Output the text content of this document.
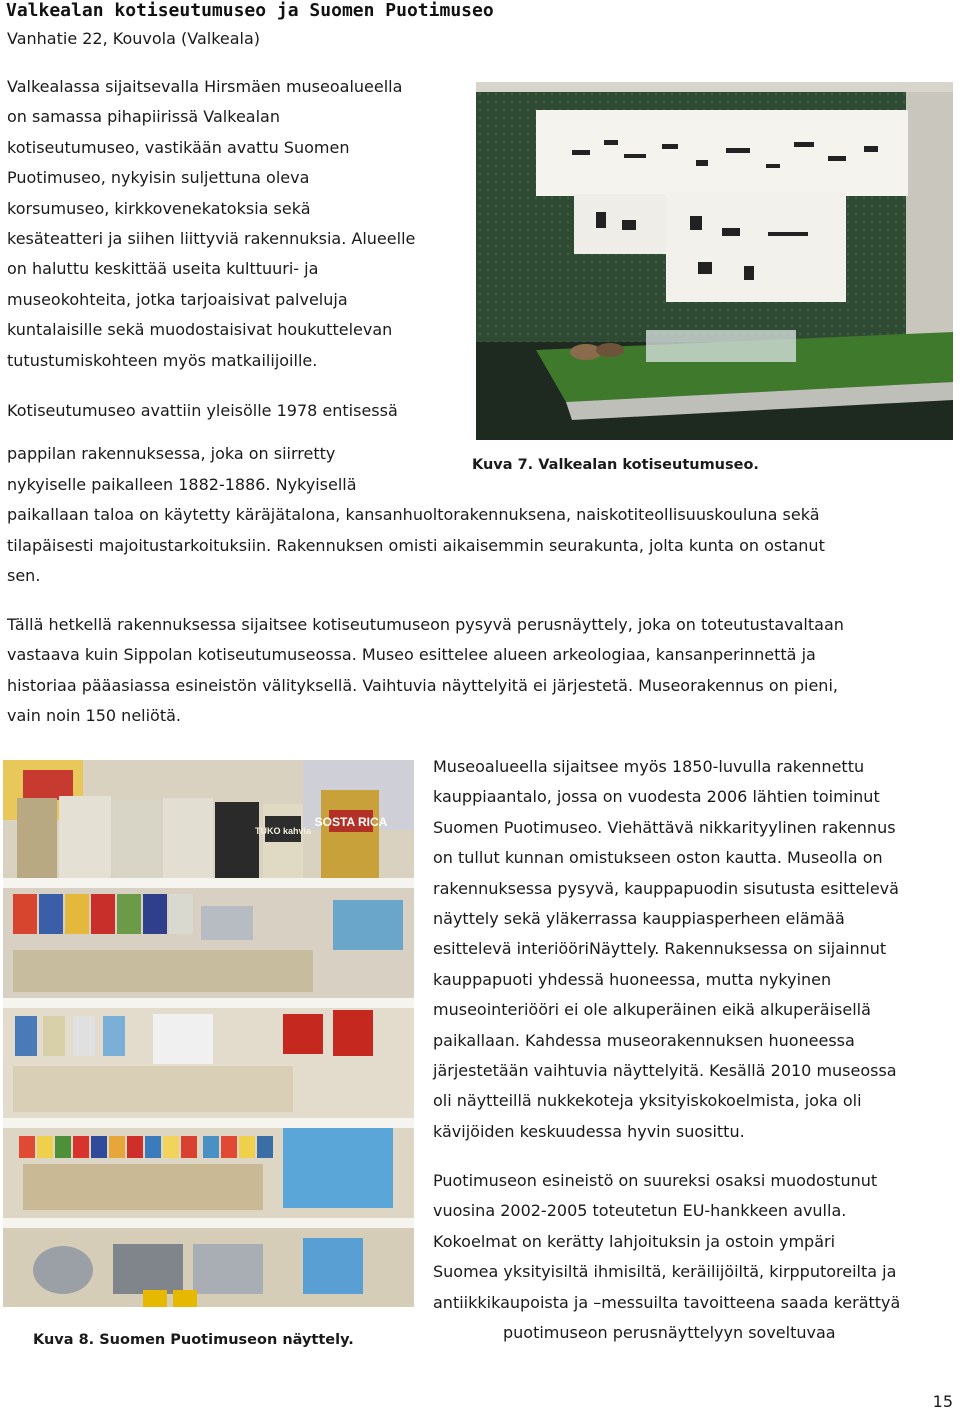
Valkealan kotiseutumuseo ja Suomen Puotimuseo
Vanhatie 22, Kouvola (Valkeala)
Valkealassa sijaitsevalla Hirsmäen museoalueella
on samassa pihapiirissä Valkealan
kotiseutumuseo, vastikään avattu Suomen
Puotimuseo, nykyisin suljettuna oleva
korsumuseo, kirkkovenekatoksia sekä
kesäteatteri ja siihen liittyviä rakennuksia. Alueelle
on haluttu keskittää useita kulttuuri- ja
museokohteita, jotka tarjoaisivat palveluja
kuntalaisille sekä muodostaisivat houkuttelevan
tutustumiskohteen myös matkailijoille.
Kotiseutumuseo avattiin yleisölle 1978 entisessä
pappilan rakennuksessa, joka on siirretty
Kuva 7. Valkealan kotiseutumuseo.
nykyiselle paikalleen 1882-1886. Nykyisellä
paikallaan taloa on käytetty käräjätalona, kansanhuoltorakennuksena, naiskotiteollisuuskouluna sekä
tilapäisesti majoitustarkoituksiin. Rakennuksen omisti aikaisemmin seurakunta, jolta kunta on ostanut
sen.
Tällä hetkellä rakennuksessa sijaitsee kotiseutumuseon pysyvä perusnäyttely, joka on toteutustavaltaan
vastaava kuin Sippolan kotiseutumuseossa. Museo esittelee alueen arkeologiaa, kansanperinnettä ja
historiaa pääasiassa esineistön välityksellä. Vaihtuvia näyttelyitä ei järjestetä. Museorakennus on pieni,
vain noin 150 neliötä.
SOSTA RICA
TUKO kahvia
Museoalueella sijaitsee myös 1850-luvulla rakennettu
kauppiaantalo, jossa on vuodesta 2006 lähtien toiminut
Suomen Puotimuseo. Viehättävä nikkarityylinen rakennus
on tullut kunnan omistukseen oston kautta. Museolla on
rakennuksessa pysyvä, kauppapuodin sisutusta esittelevä
näyttely sekä yläkerrassa kauppiasperheen elämää
esittelevä interiööriNäyttely. Rakennuksessa on sijainnut
kauppapuoti yhdessä huoneessa, mutta nykyinen
museointeriööri ei ole alkuperäinen eikä alkuperäisellä
paikallaan. Kahdessa museorakennuksen huoneessa
järjestetään vaihtuvia näyttelyitä. Kesällä 2010 museossa
oli näytteillä nukkekoteja yksityiskokoelmista, joka oli
kävijöiden keskuudessa hyvin suosittu.
Puotimuseon esineistö on suureksi osaksi muodostunut
vuosina 2002-2005 toteutetun EU-hankkeen avulla.
Kokoelmat on kerätty lahjoituksin ja ostoin ympäri
Suomea yksityisiltä ihmisiltä, keräilijöiltä, kirpputoreilta ja
antiikkikaupoista ja –messuilta tavoitteena saada kerättyä
puotimuseon perusnäyttelyyn soveltuvaa
Kuva 8. Suomen Puotimuseon näyttely.
15
